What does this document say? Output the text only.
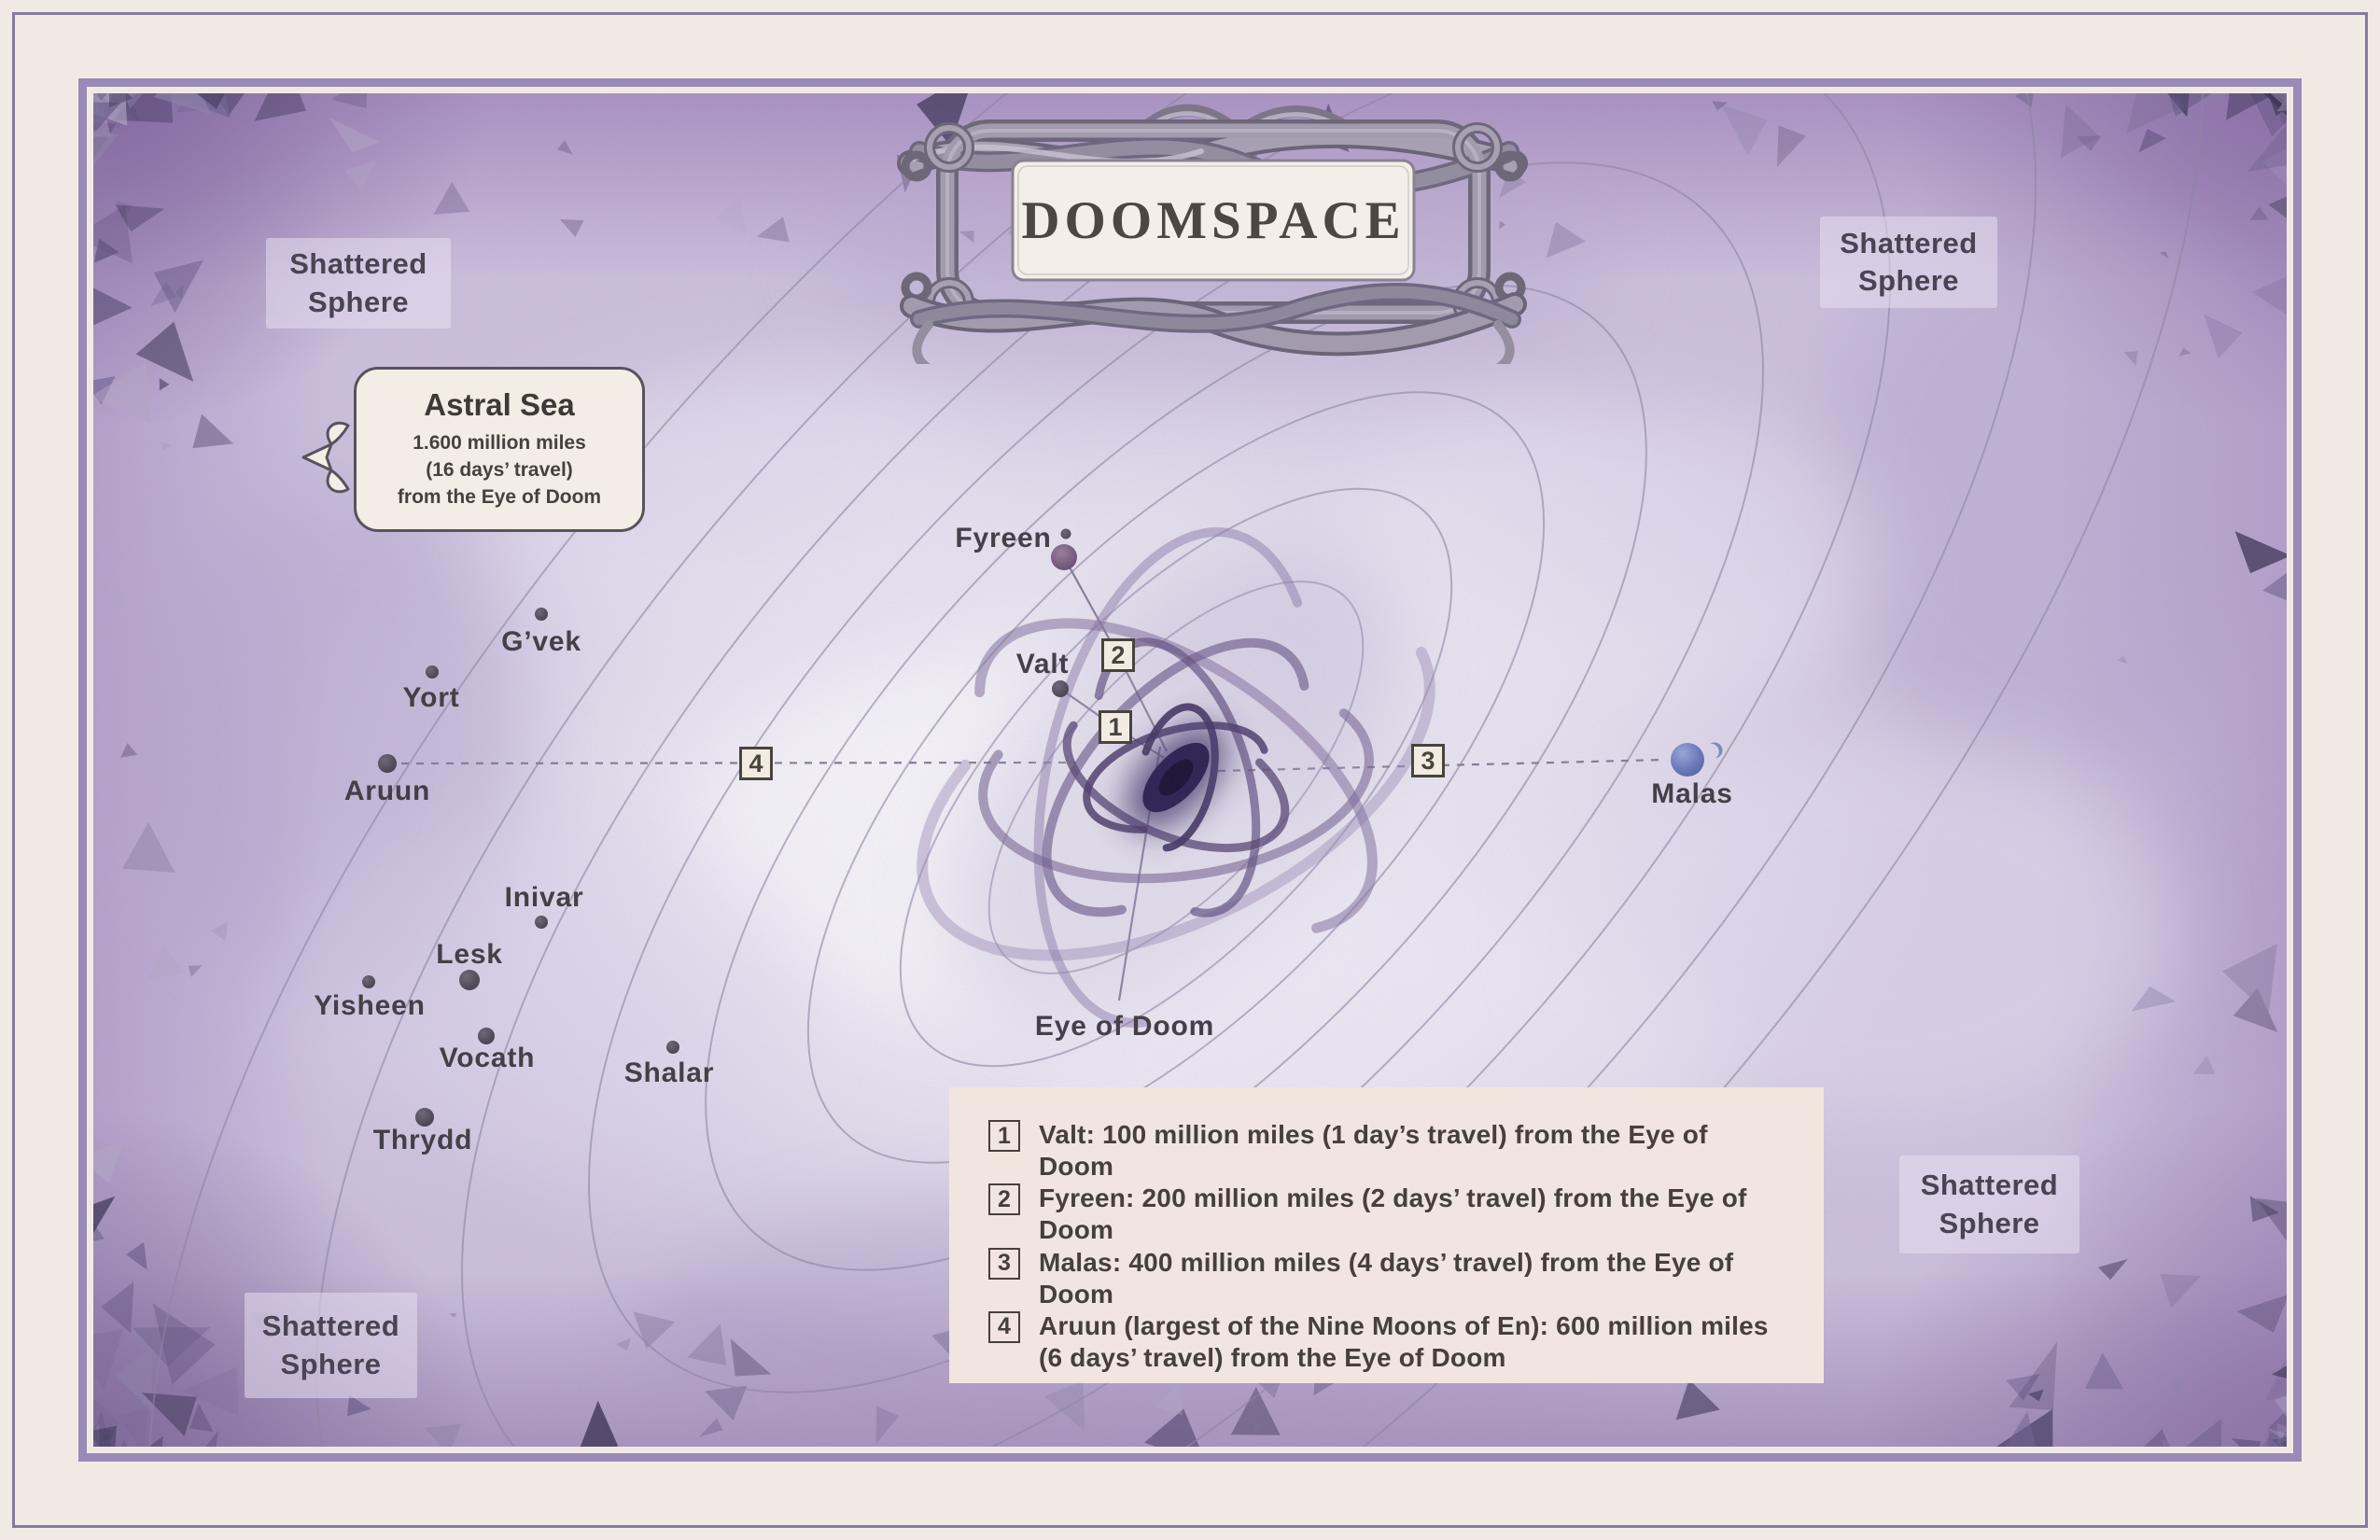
DOOMSPACE
Shattered
Sphere
Shattered
Sphere
Shattered
Sphere
Shattered
Sphere
Astral Sea
1.600 million miles
(16 days’ travel)
from the Eye of Doom
Fyreen
Valt
Malas
Aruun
G’vek
Yort
Inivar
Lesk
Yisheen
Vocath	Shalar
Thrydd
Eye of Doom
1
2
3
4
1	Valt: 100 million miles (1 day’s travel) from the Eye of Doom
2	Fyreen: 200 million miles (2 days’ travel) from the Eye of Doom
3	Malas: 400 million miles (4 days’ travel) from the Eye of Doom
4	Aruun (largest of the Nine Moons of En): 600 million miles (6 days’ travel) from the Eye of Doom
